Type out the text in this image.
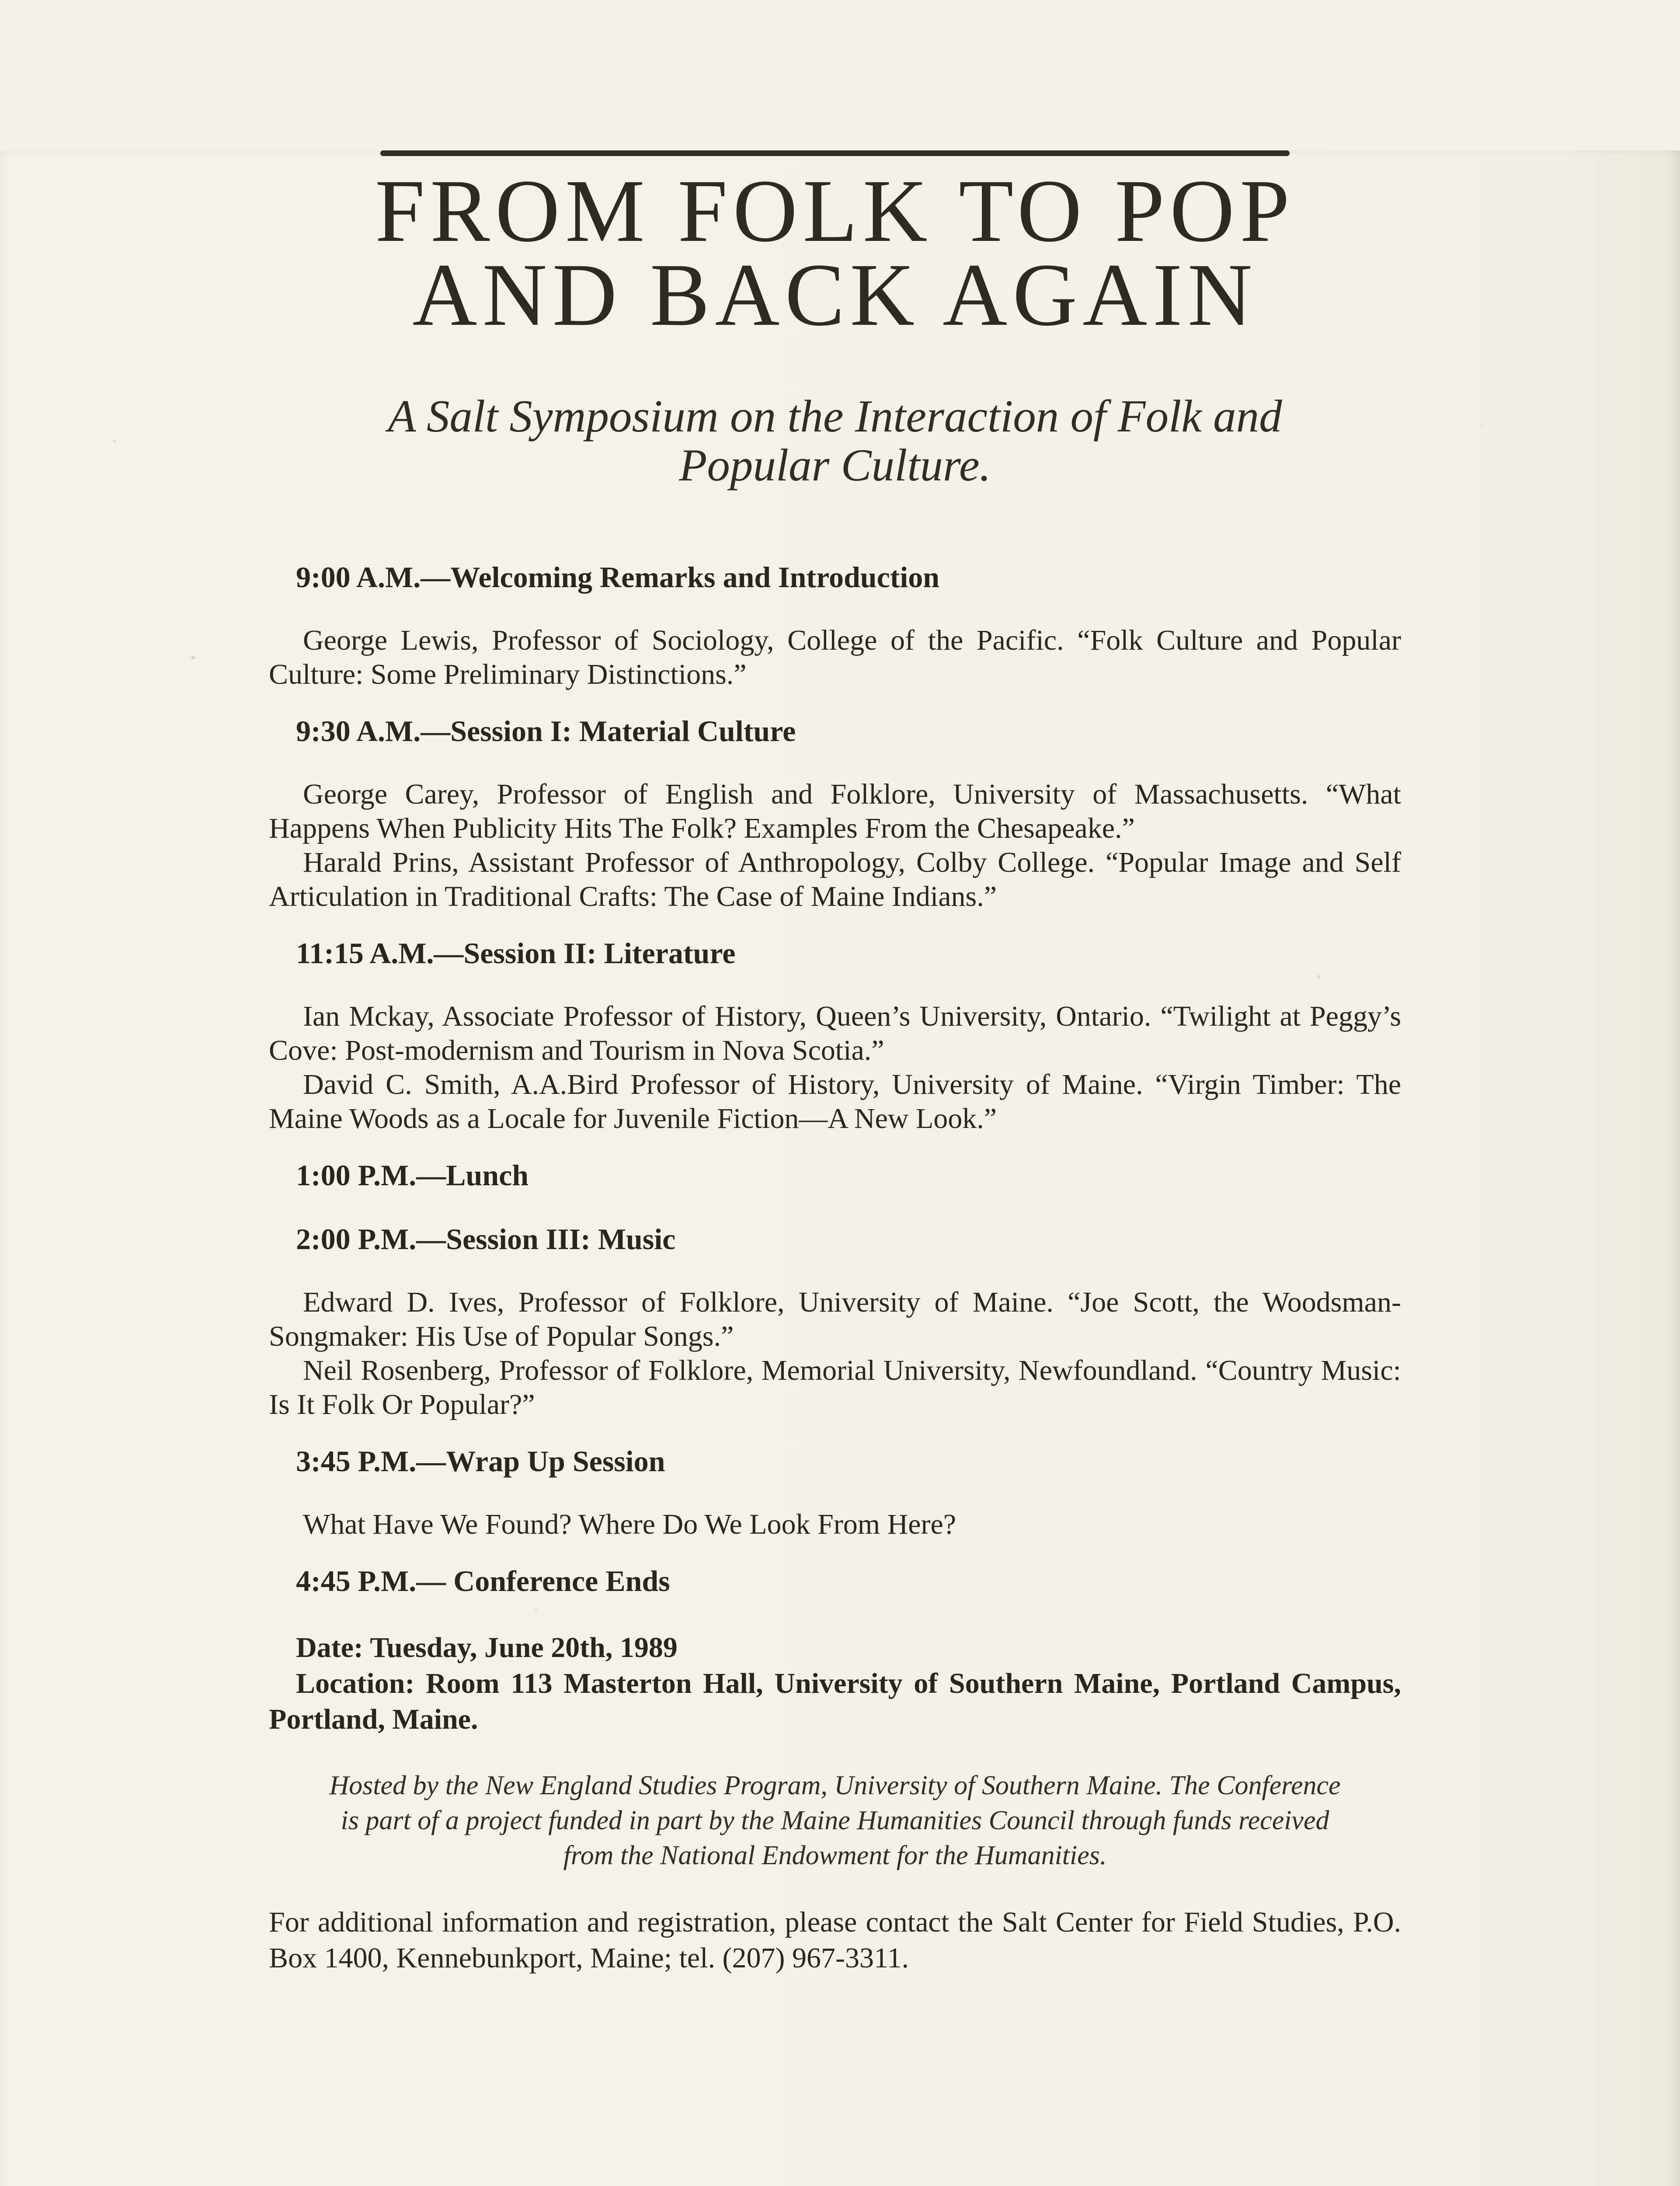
FROM FOLK TO POP
AND BACK AGAIN
A Salt Symposium on the Interaction of Folk and
Popular Culture.
9:00 A.M.—Welcoming Remarks and Introduction

George Lewis, Professor of Sociology, College of the Pacific. “Folk Culture and Popular Culture: Some Preliminary Distinctions.”

9:30 A.M.—Session I: Material Culture

George Carey, Professor of English and Folklore, University of Massachusetts. “What Happens When Publicity Hits The Folk? Examples From the Chesapeake.”

Harald Prins, Assistant Professor of Anthropology, Colby College. “Popular Image and Self Articulation in Traditional Crafts: The Case of Maine Indians.”

11:15 A.M.—Session II: Literature

Ian Mckay, Associate Professor of History, Queen’s University, Ontario. “Twilight at Peggy’s Cove: Post-modernism and Tourism in Nova Scotia.”

David C. Smith, A.A.Bird Professor of History, University of Maine. “Virgin Timber: The Maine Woods as a Locale for Juvenile Fiction—A New Look.”

1:00 P.M.—Lunch
2:00 P.M.—Session III: Music

Edward D. Ives, Professor of Folklore, University of Maine. “Joe Scott, the Woodsman-Songmaker: His Use of Popular Songs.”

Neil Rosenberg, Professor of Folklore, Memorial University, Newfoundland. “Country Music: Is It Folk Or Popular?”

3:45 P.M.—Wrap Up Session

What Have We Found? Where Do We Look From Here?

4:45 P.M.— Conference Ends

Date: Tuesday, June 20th, 1989

Location: Room 113 Masterton Hall, University of Southern Maine, Portland Campus, Portland, Maine.

Hosted by the New England Studies Program, University of Southern Maine. The Conference
is part of a project funded in part by the Maine Humanities Council through funds received
from the National Endowment for the Humanities.

For additional information and registration, please contact the Salt Center for Field Studies, P.O. Box 1400, Kennebunkport, Maine; tel. (207) 967-3311.
